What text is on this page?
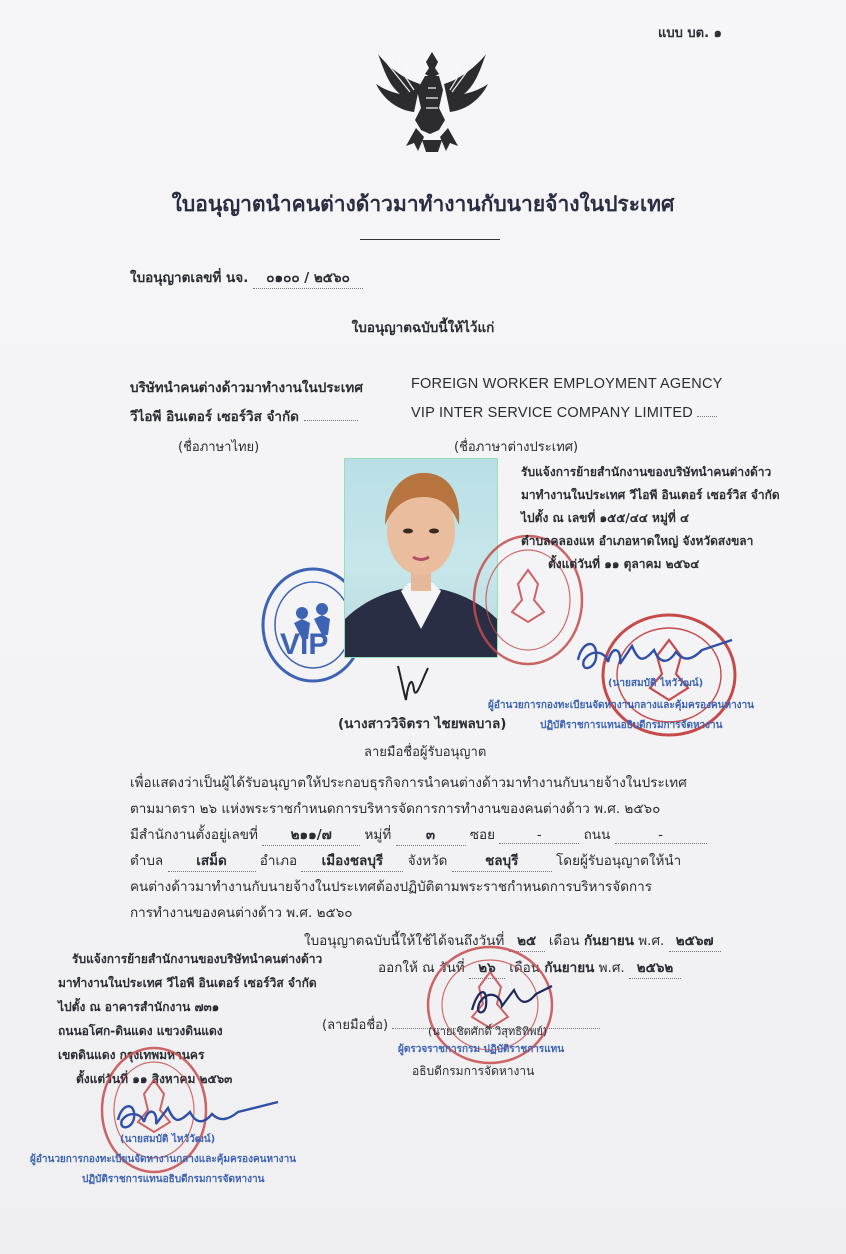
แบบ บต. ๑
ใบอนุญาตนำคนต่างด้าวมาทำงานกับนายจ้างในประเทศ
ใบอนุญาตเลขที่ นจ. ๐๑๐๐ / ๒๕๖๐
ใบอนุญาตฉบับนี้ให้ไว้แก่
บริษัทนำคนต่างด้าวมาทำงานในประเทศ
วีไอพี อินเตอร์ เซอร์วิส จำกัด
FOREIGN WORKER EMPLOYMENT AGENCY
VIP INTER SERVICE COMPANY LIMITED
(ชื่อภาษาไทย)	(ชื่อภาษาต่างประเทศ)
VIP
รับแจ้งการย้ายสำนักงานของบริษัทนำคนต่างด้าว
มาทำงานในประเทศ วีไอพี อินเตอร์ เซอร์วิส จำกัด
ไปตั้ง ณ เลขที่ ๑๕๕/๔๔ หมู่ที่ ๔
ตำบลคลองแห อำเภอหาดใหญ่ จังหวัดสงขลา
ตั้งแต่วันที่ ๑๑ ตุลาคม ๒๕๖๔
(นายสมบัติ ไหวัวัฒน์)
ผู้อำนวยการกองทะเบียนจัดหางานกลางและคุ้มครองคนหางาน
ปฏิบัติราชการแทนอธิบดีกรมการจัดหางาน
(นางสาววิจิตรา ไชยพลบาล)
ลายมือชื่อผู้รับอนุญาต
เพื่อแสดงว่าเป็นผู้ได้รับอนุญาตให้ประกอบธุรกิจการนำคนต่างด้าวมาทำงานกับนายจ้างในประเทศ
ตามมาตรา ๒๖ แห่งพระราชกำหนดการบริหารจัดการการทำงานของคนต่างด้าว พ.ศ. ๒๕๖๐
มีสำนักงานตั้งอยู่เลขที่ ๒๑๑/๗ หมู่ที่	๓	ซอย	-	ถนน	-
ตำบล เสม็ด อำเภอ เมืองชลบุรี จังหวัด	ชลบุรี	โดยผู้รับอนุญาตให้นำ
คนต่างด้าวมาทำงานกับนายจ้างในประเทศต้องปฏิบัติตามพระราชกำหนดการบริหารจัดการ
การทำงานของคนต่างด้าว พ.ศ. ๒๕๖๐
ใบอนุญาตฉบับนี้ให้ใช้ได้จนถึงวันที่ ๒๕ เดือน กันยายน พ.ศ. ๒๕๖๗
ออกให้ ณ วันที่ ๒๖ เดือน กันยายน พ.ศ. ๒๕๖๒
รับแจ้งการย้ายสำนักงานของบริษัทนำคนต่างด้าว
มาทำงานในประเทศ วีไอพี อินเตอร์ เซอร์วิส จำกัด
ไปตั้ง ณ อาคารสำนักงาน ๗๓๑
ถนนอโศก-ดินแดง แขวงดินแดง
เขตดินแดง กรุงเทพมหานคร
ตั้งแต่วันที่ ๑๑ สิงหาคม ๒๕๖๓
(นายสมบัติ ไหวัวัฒน์)
ผู้อำนวยการกองทะเบียนจัดหางานกลางและคุ้มครองคนหางาน
ปฏิบัติราชการแทนอธิบดีกรมการจัดหางาน
(ลายมือชื่อ)	(นายเชิดศักดิ์ วิสุทธิทิพย์)
ผู้ตรวจราชการกรม ปฏิบัติราชการแทน
อธิบดีกรมการจัดหางาน
